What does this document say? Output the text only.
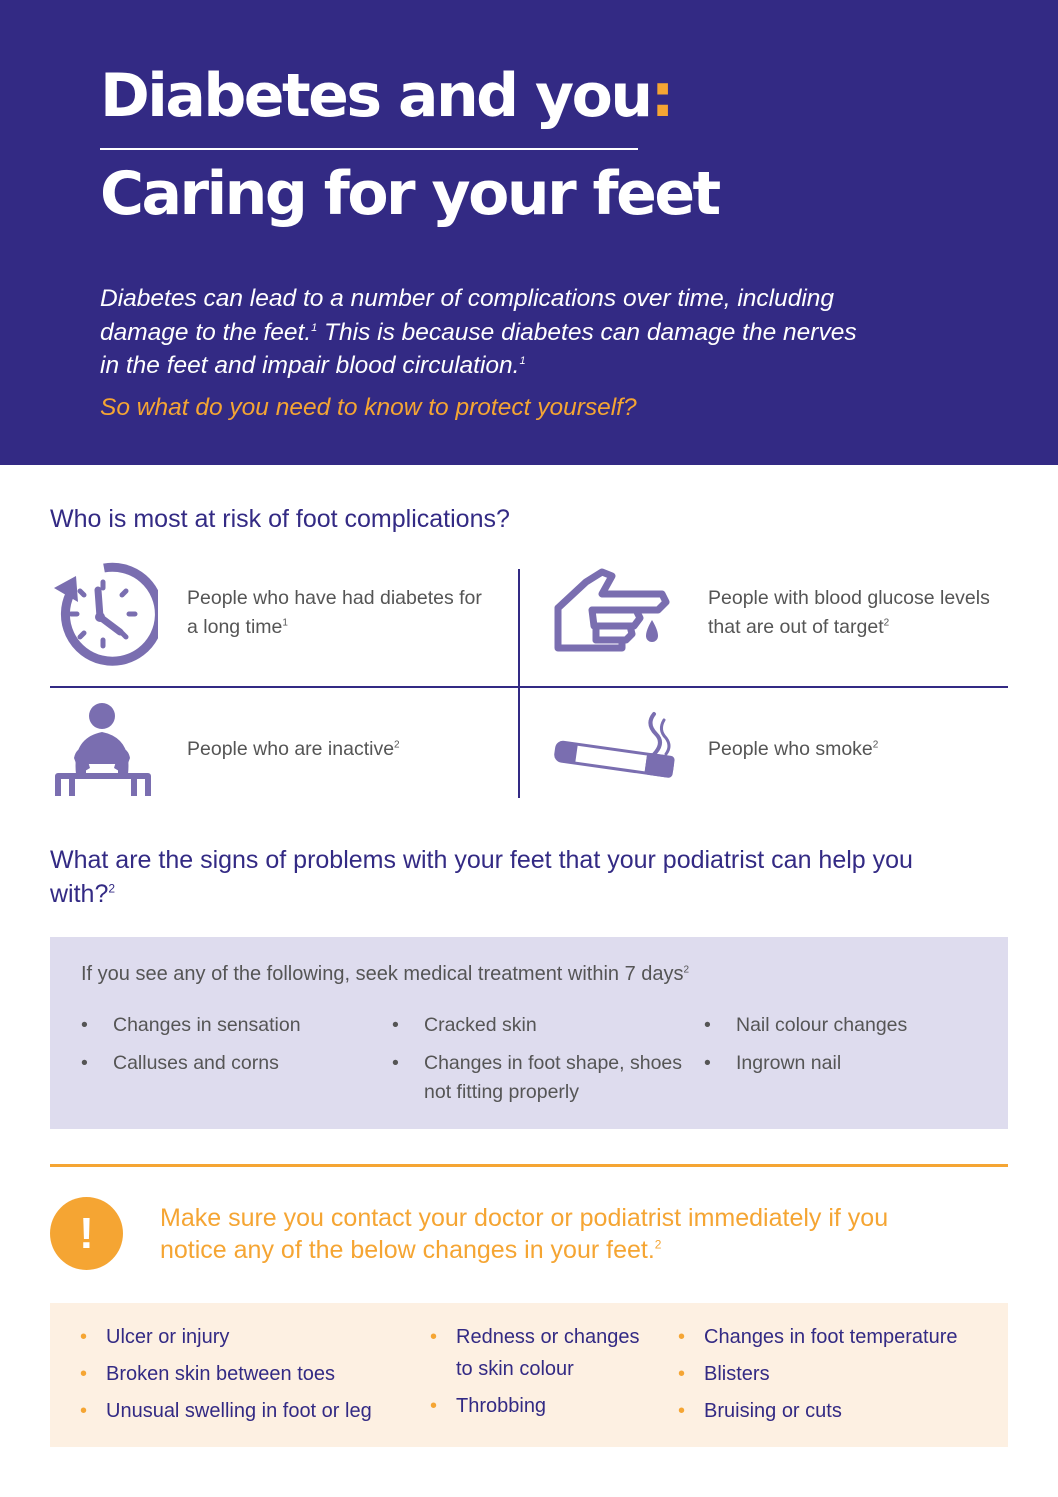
Diabetes and you:
Caring for your feet

Diabetes can lead to a number of complications over time, including damage to the feet.$^1$ This is because diabetes can damage the nerves in the feet and impair blood circulation.$^1$

So what do you need to know to protect yourself?
Who is most at risk of foot complications?
People who have had diabetes for a long time$^1$
People with blood glucose levels that are out of target$^2$
People who are inactive$^2$	People who smoke$^2$
What are the signs of problems with your feet that your podiatrist can help you with?$^2$
If you see any of the following, seek medical treatment within 7 days$^2$
• Changes in sensation
• Calluses and corns
• Cracked skin
• Changes in foot shape, shoes not fitting properly
• Nail colour changes
• Ingrown nail
!	Make sure you contact your doctor or podiatrist immediately if you notice any of the below changes in your feet.$^2$
• Ulcer or injury
• Broken skin between toes
• Unusual swelling in foot or leg
• Redness or changes to skin colour
• Throbbing
• Changes in foot temperature
• Blisters
• Bruising or cuts
